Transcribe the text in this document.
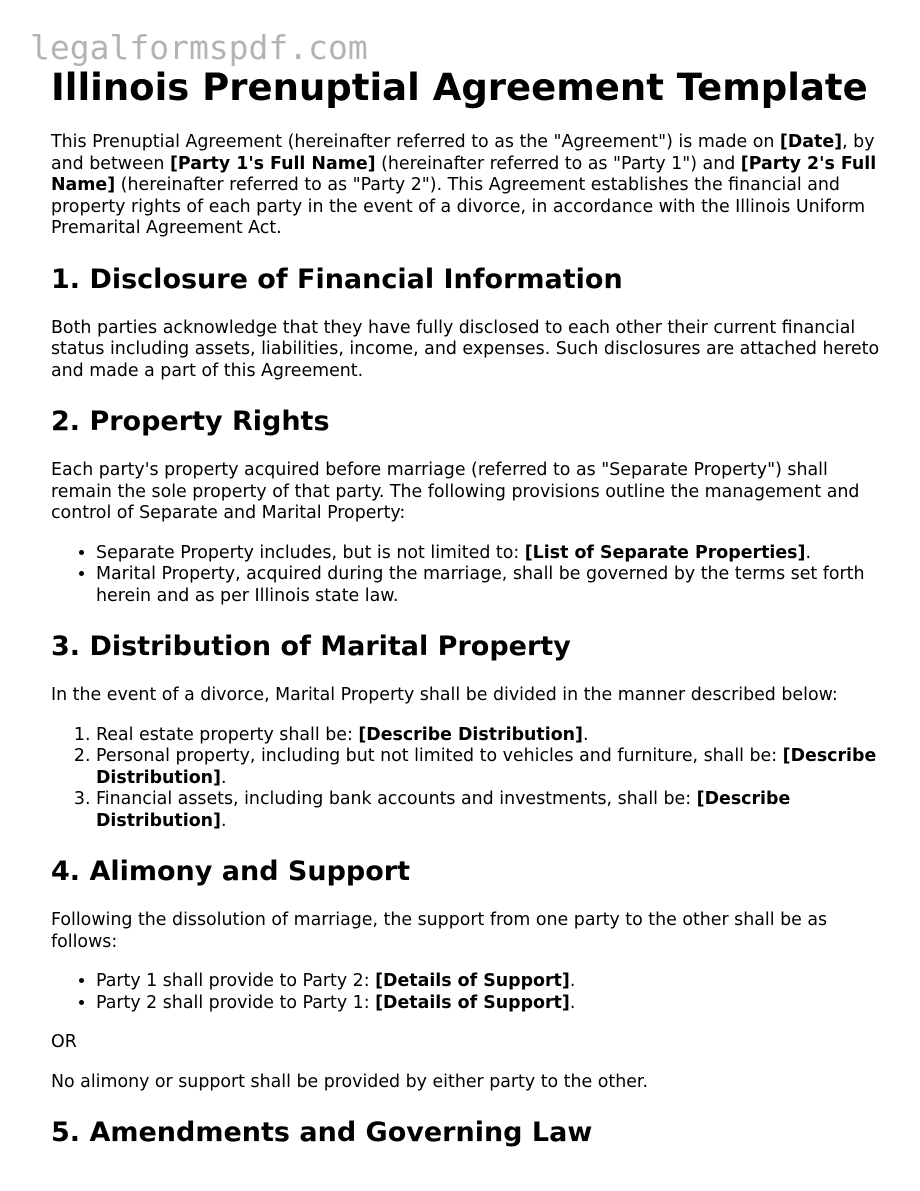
legalformspdf.com
Illinois Prenuptial Agreement Template

This Prenuptial Agreement (hereinafter referred to as the "Agreement") is made on [Date], by and between [Party 1's Full Name] (hereinafter referred to as "Party 1") and [Party 2's Full Name] (hereinafter referred to as "Party 2"). This Agreement establishes the financial and property rights of each party in the event of a divorce, in accordance with the Illinois Uniform Premarital Agreement Act.

1. Disclosure of Financial Information

Both parties acknowledge that they have fully disclosed to each other their current financial status including assets, liabilities, income, and expenses. Such disclosures are attached hereto and made a part of this Agreement.

2. Property Rights

Each party's property acquired before marriage (referred to as "Separate Property") shall remain the sole property of that party. The following provisions outline the management and control of Separate and Marital Property:

• Separate Property includes, but is not limited to: [List of Separate Properties].
• Marital Property, acquired during the marriage, shall be governed by the terms set forth herein and as per Illinois state law.
3. Distribution of Marital Property

In the event of a divorce, Marital Property shall be divided in the manner described below:

1. Real estate property shall be: [Describe Distribution].
2. Personal property, including but not limited to vehicles and furniture, shall be: [Describe Distribution].
3. Financial assets, including bank accounts and investments, shall be: [Describe Distribution].
4. Alimony and Support

Following the dissolution of marriage, the support from one party to the other shall be as follows:

• Party 1 shall provide to Party 2: [Details of Support].
• Party 2 shall provide to Party 1: [Details of Support].

OR

No alimony or support shall be provided by either party to the other.

5. Amendments and Governing Law
